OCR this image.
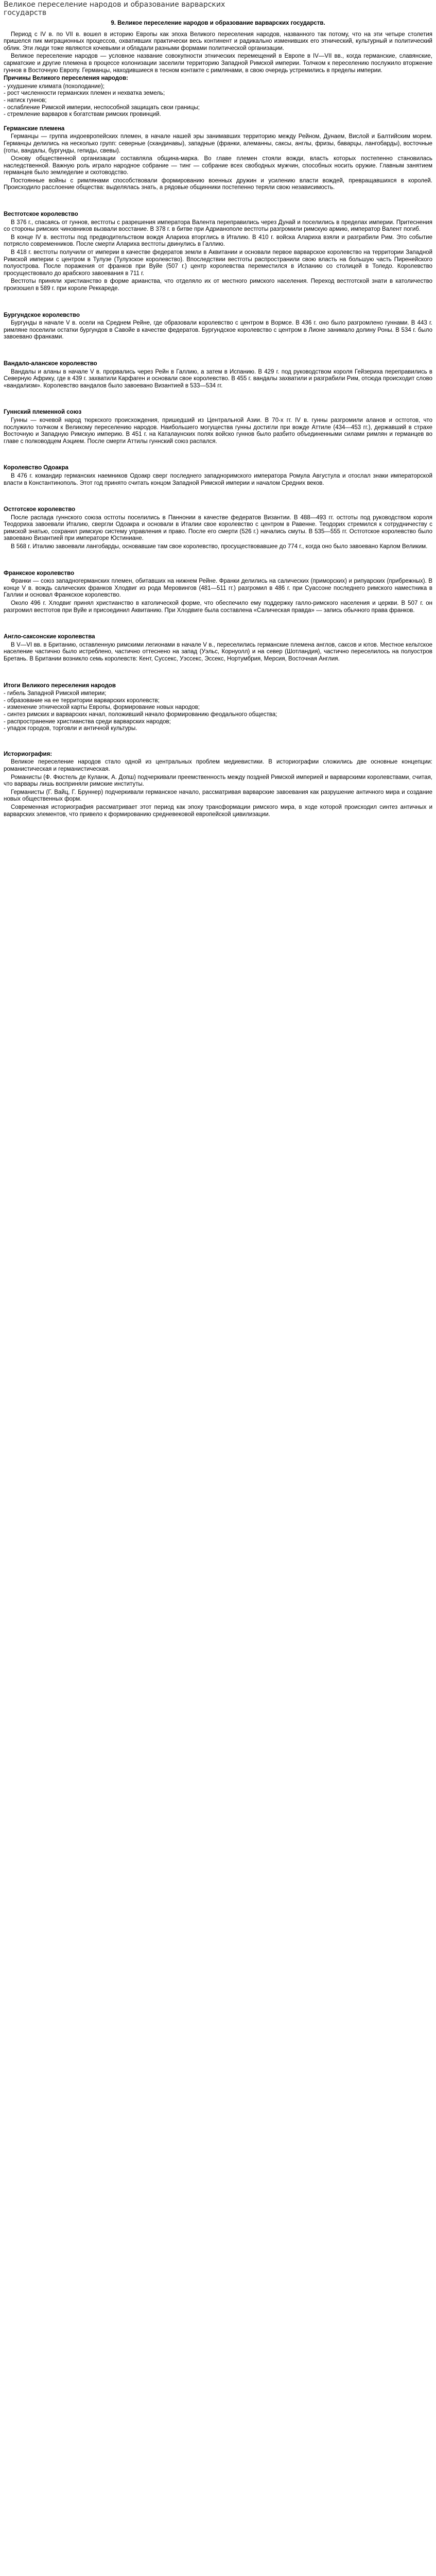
Великое переселение народов и образование варварских
государств
9. Великое переселение народов и образование варварских государств.
Период с IV в. по VII в. вошел в историю Европы как эпоха Великого переселения народов, названного так потому, что на эти четыре столетия пришелся пик миграционных процессов, охвативших практически весь континент и радикально изменивших его этнический, культурный и политический облик. Эти люди тоже являются кочевыми и обладали разными формами политической организации.
Великое переселение народов — условное название совокупности этнических перемещений в Европе в IV—VII вв., когда германские, славянские, сарматские и другие племена в процессе колонизации заселили территорию Западной Римской империи. Толчком к переселению послужило вторжение гуннов в Восточную Европу. Германцы, находившиеся в тесном контакте с римлянами, в свою очередь устремились в пределы империи.
Причины Великого переселения народов:
- ухудшение климата (похолодание);
- рост численности германских племен и нехватка земель;
- натиск гуннов;
- ослабление Римской империи, неспособной защищать свои границы;
- стремление варваров к богатствам римских провинций.
Германские племена
Германцы — группа индоевропейских племен, в начале нашей эры занимавших территорию между Рейном, Дунаем, Вислой и Балтийским морем. Германцы делились на несколько групп: северные (скандинавы), западные (франки, алеманны, саксы, англы, фризы, баварцы, лангобарды), восточные (готы, вандалы, бургунды, гепиды, свевы).
Основу общественной организации составляла община-марка. Во главе племен стояли вожди, власть которых постепенно становилась наследственной. Важную роль играло народное собрание — тинг — собрание всех свободных мужчин, способных носить оружие. Главным занятием германцев было земледелие и скотоводство.
Постоянные войны с римлянами способствовали формированию военных дружин и усилению власти вождей, превращавшихся в королей. Происходило расслоение общества: выделялась знать, а рядовые общинники постепенно теряли свою независимость.
Вестготское королевство
В 376 г., спасаясь от гуннов, вестготы с разрешения императора Валента переправились через Дунай и поселились в пределах империи. Притеснения со стороны римских чиновников вызвали восстание. В 378 г. в битве при Адрианополе вестготы разгромили римскую армию, император Валент погиб.
В конце IV в. вестготы под предводительством вождя Алариха вторглись в Италию. В 410 г. войска Алариха взяли и разграбили Рим. Это событие потрясло современников. После смерти Алариха вестготы двинулись в Галлию.
В 418 г. вестготы получили от империи в качестве федератов земли в Аквитании и основали первое варварское королевство на территории Западной Римской империи с центром в Тулузе (Тулузское королевство). Впоследствии вестготы распространили свою власть на большую часть Пиренейского полуострова. После поражения от франков при Вуйе (507 г.) центр королевства переместился в Испанию со столицей в Толедо. Королевство просуществовало до арабского завоевания в 711 г.
Вестготы приняли христианство в форме арианства, что отделяло их от местного римского населения. Переход вестготской знати в католичество произошел в 589 г. при короле Реккареде.
Бургундское королевство
Бургунды в начале V в. осели на Среднем Рейне, где образовали королевство с центром в Вормсе. В 436 г. оно было разгромлено гуннами. В 443 г. римляне поселили остатки бургундов в Савойе в качестве федератов. Бургундское королевство с центром в Лионе занимало долину Роны. В 534 г. было завоевано франками.
Вандало-аланское королевство
Вандалы и аланы в начале V в. прорвались через Рейн в Галлию, а затем в Испанию. В 429 г. под руководством короля Гейзериха переправились в Северную Африку, где в 439 г. захватили Карфаген и основали свое королевство. В 455 г. вандалы захватили и разграбили Рим, отсюда происходит слово «вандализм». Королевство вандалов было завоевано Византией в 533—534 гг.
Гуннский племенной союз
Гунны — кочевой народ тюркского происхождения, пришедший из Центральной Азии. В 70-х гг. IV в. гунны разгромили аланов и остготов, что послужило толчком к Великому переселению народов. Наибольшего могущества гунны достигли при вожде Аттиле (434—453 гг.), державший в страхе Восточную и Западную Римскую империю. В 451 г. на Каталаунских полях войско гуннов было разбито объединенными силами римлян и германцев во главе с полководцем Аэцием. После смерти Аттилы гуннский союз распался.
Королевство Одоакра
В 476 г. командир германских наемников Одоакр сверг последнего западноримского императора Ромула Августула и отослал знаки императорской власти в Константинополь. Этот год принято считать концом Западной Римской империи и началом Средних веков.
Остготское королевство
После распада гуннского союза остготы поселились в Паннонии в качестве федератов Византии. В 488—493 гг. остготы под руководством короля Теодориха завоевали Италию, свергли Одоакра и основали в Италии свое королевство с центром в Равенне. Теодорих стремился к сотрудничеству с римской знатью, сохранил римскую систему управления и право. После его смерти (526 г.) начались смуты. В 535—555 гг. Остготское королевство было завоевано Византией при императоре Юстиниане.
В 568 г. Италию завоевали лангобарды, основавшие там свое королевство, просуществовавшее до 774 г., когда оно было завоевано Карлом Великим.
Франкское королевство
Франки — союз западногерманских племен, обитавших на нижнем Рейне. Франки делились на салических (приморских) и рипуарских (прибрежных). В конце V в. вождь салических франков Хлодвиг из рода Меровингов (481—511 гг.) разгромил в 486 г. при Суассоне последнего римского наместника в Галлии и основал Франкское королевство.
Около 496 г. Хлодвиг принял христианство в католической форме, что обеспечило ему поддержку галло-римского населения и церкви. В 507 г. он разгромил вестготов при Вуйе и присоединил Аквитанию. При Хлодвиге была составлена «Салическая правда» — запись обычного права франков.
Англо-саксонские королевства
В V—VI вв. в Британию, оставленную римскими легионами в начале V в., переселились германские племена англов, саксов и ютов. Местное кельтское население частично было истреблено, частично оттеснено на запад (Уэльс, Корнуолл) и на север (Шотландия), частично переселилось на полуостров Бретань. В Британии возникло семь королевств: Кент, Суссекс, Уэссекс, Эссекс, Нортумбрия, Мерсия, Восточная Англия.
Итоги Великого переселения народов
- гибель Западной Римской империи;
- образование на ее территории варварских королевств;
- изменение этнической карты Европы, формирование новых народов;
- синтез римских и варварских начал, положивший начало формированию феодального общества;
- распространение христианства среди варварских народов;
- упадок городов, торговли и античной культуры.
Историография:
Великое переселение народов стало одной из центральных проблем медиевистики. В историографии сложились две основные концепции: романистическая и германистическая.
Романисты (Ф. Фюстель де Куланж, А. Допш) подчеркивали преемственность между поздней Римской империей и варварскими королевствами, считая, что варвары лишь восприняли римские институты.
Германисты (Г. Вайц, Г. Бруннер) подчеркивали германское начало, рассматривая варварские завоевания как разрушение античного мира и создание новых общественных форм.
Современная историография рассматривает этот период как эпоху трансформации римского мира, в ходе которой происходил синтез античных и варварских элементов, что привело к формированию средневековой европейской цивилизации.
